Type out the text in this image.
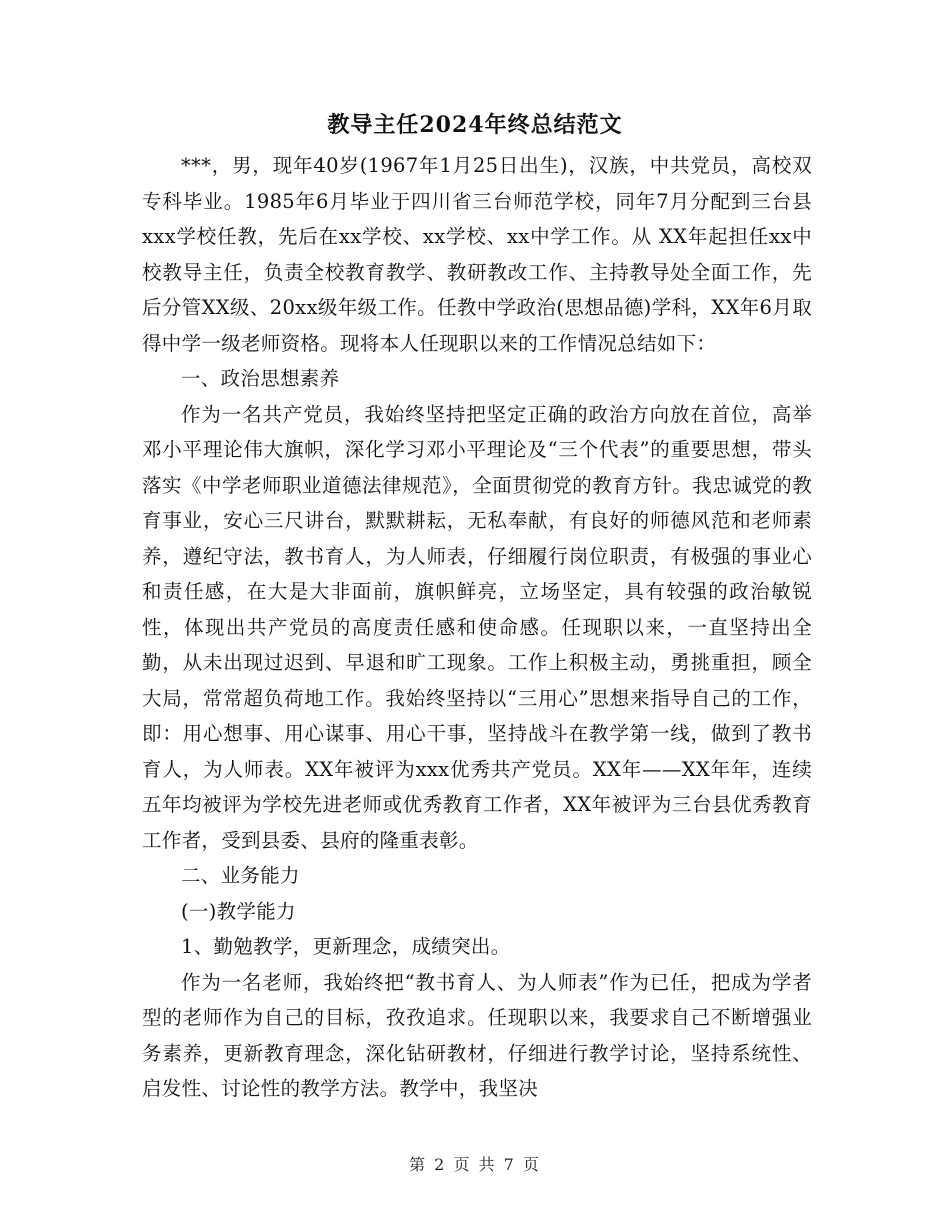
教导主任2024年终总结范文

***，男，现年40岁(1967年1月25日出生)，汉族，中共党员，高校双专科毕业。1985年6月毕业于四川省三台师范学校，同年7月分配到三台县xxx学校任教，先后在xx学校、xx学校、xx中学工作。从 XX年起担任xx中校教导主任，负责全校教育教学、教研教改工作、主持教导处全面工作，先后分管XX级、20xx级年级工作。任教中学政治(思想品德)学科，XX年6月取得中学一级老师资格。现将本人任现职以来的工作情况总结如下：

一、政治思想素养

作为一名共产党员，我始终坚持把坚定正确的政治方向放在首位，高举邓小平理论伟大旗帜，深化学习邓小平理论及“三个代表”的重要思想，带头落实《中学老师职业道德法律规范》，全面贯彻党的教育方针。我忠诚党的教育事业，安心三尺讲台，默默耕耘，无私奉献，有良好的师德风范和老师素养，遵纪守法，教书育人，为人师表，仔细履行岗位职责，有极强的事业心和责任感，在大是大非面前，旗帜鲜亮，立场坚定，具有较强的政治敏锐性，体现出共产党员的高度责任感和使命感。任现职以来，一直坚持出全勤，从未出现过迟到、早退和旷工现象。工作上积极主动，勇挑重担，顾全大局，常常超负荷地工作。我始终坚持以“三用心”思想来指导自己的工作，即：用心想事、用心谋事、用心干事，坚持战斗在教学第一线，做到了教书育人，为人师表。XX年被评为xxx优秀共产党员。XX年——XX年年，连续五年均被评为学校先进老师或优秀教育工作者，XX年被评为三台县优秀教育工作者，受到县委、县府的隆重表彰。

二、业务能力

(一)教学能力

1、勤勉教学，更新理念，成绩突出。

作为一名老师，我始终把“教书育人、为人师表”作为已任，把成为学者型的老师作为自己的目标，孜孜追求。任现职以来，我要求自己不断增强业务素养，更新教育理念，深化钻研教材，仔细进行教学讨论，坚持系统性、启发性、讨论性的教学方法。教学中，我坚决

第 2 页 共 7 页
